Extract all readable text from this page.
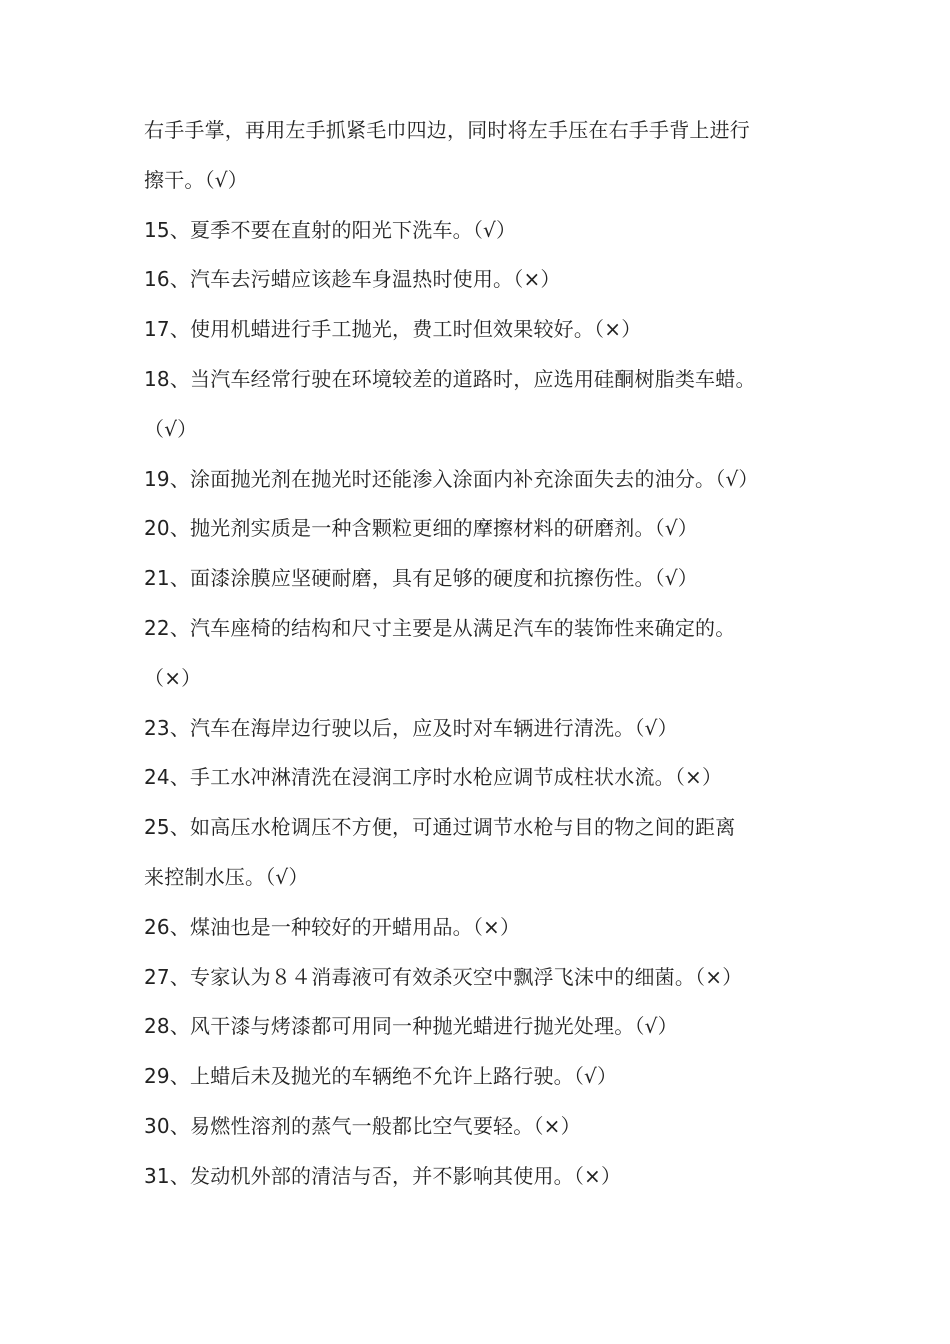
右手手掌，再用左手抓紧毛巾四边，同时将左手压在右手手背上进行
擦干。（√）
15、夏季不要在直射的阳光下洗车。（√）
16、汽车去污蜡应该趁车身温热时使用。（×）
17、使用机蜡进行手工抛光，费工时但效果较好。（×）
18、当汽车经常行驶在环境较差的道路时，应选用硅酮树脂类车蜡。
（√）
19、涂面抛光剂在抛光时还能渗入涂面内补充涂面失去的油分。（√）
20、抛光剂实质是一种含颗粒更细的摩擦材料的研磨剂。（√）
21、面漆涂膜应坚硬耐磨，具有足够的硬度和抗擦伤性。（√）
22、汽车座椅的结构和尺寸主要是从满足汽车的装饰性来确定的。
（×）
23、汽车在海岸边行驶以后，应及时对车辆进行清洗。（√）
24、手工水冲淋清洗在浸润工序时水枪应调节成柱状水流。（×）
25、如高压水枪调压不方便，可通过调节水枪与目的物之间的距离
来控制水压。（√）
26、煤油也是一种较好的开蜡用品。（×）
27、专家认为８４消毒液可有效杀灭空中飘浮飞沫中的细菌。（×）
28、风干漆与烤漆都可用同一种抛光蜡进行抛光处理。（√）
29、上蜡后未及抛光的车辆绝不允许上路行驶。（√）
30、易燃性溶剂的蒸气一般都比空气要轻。（×）
31、发动机外部的清洁与否，并不影响其使用。（×）
